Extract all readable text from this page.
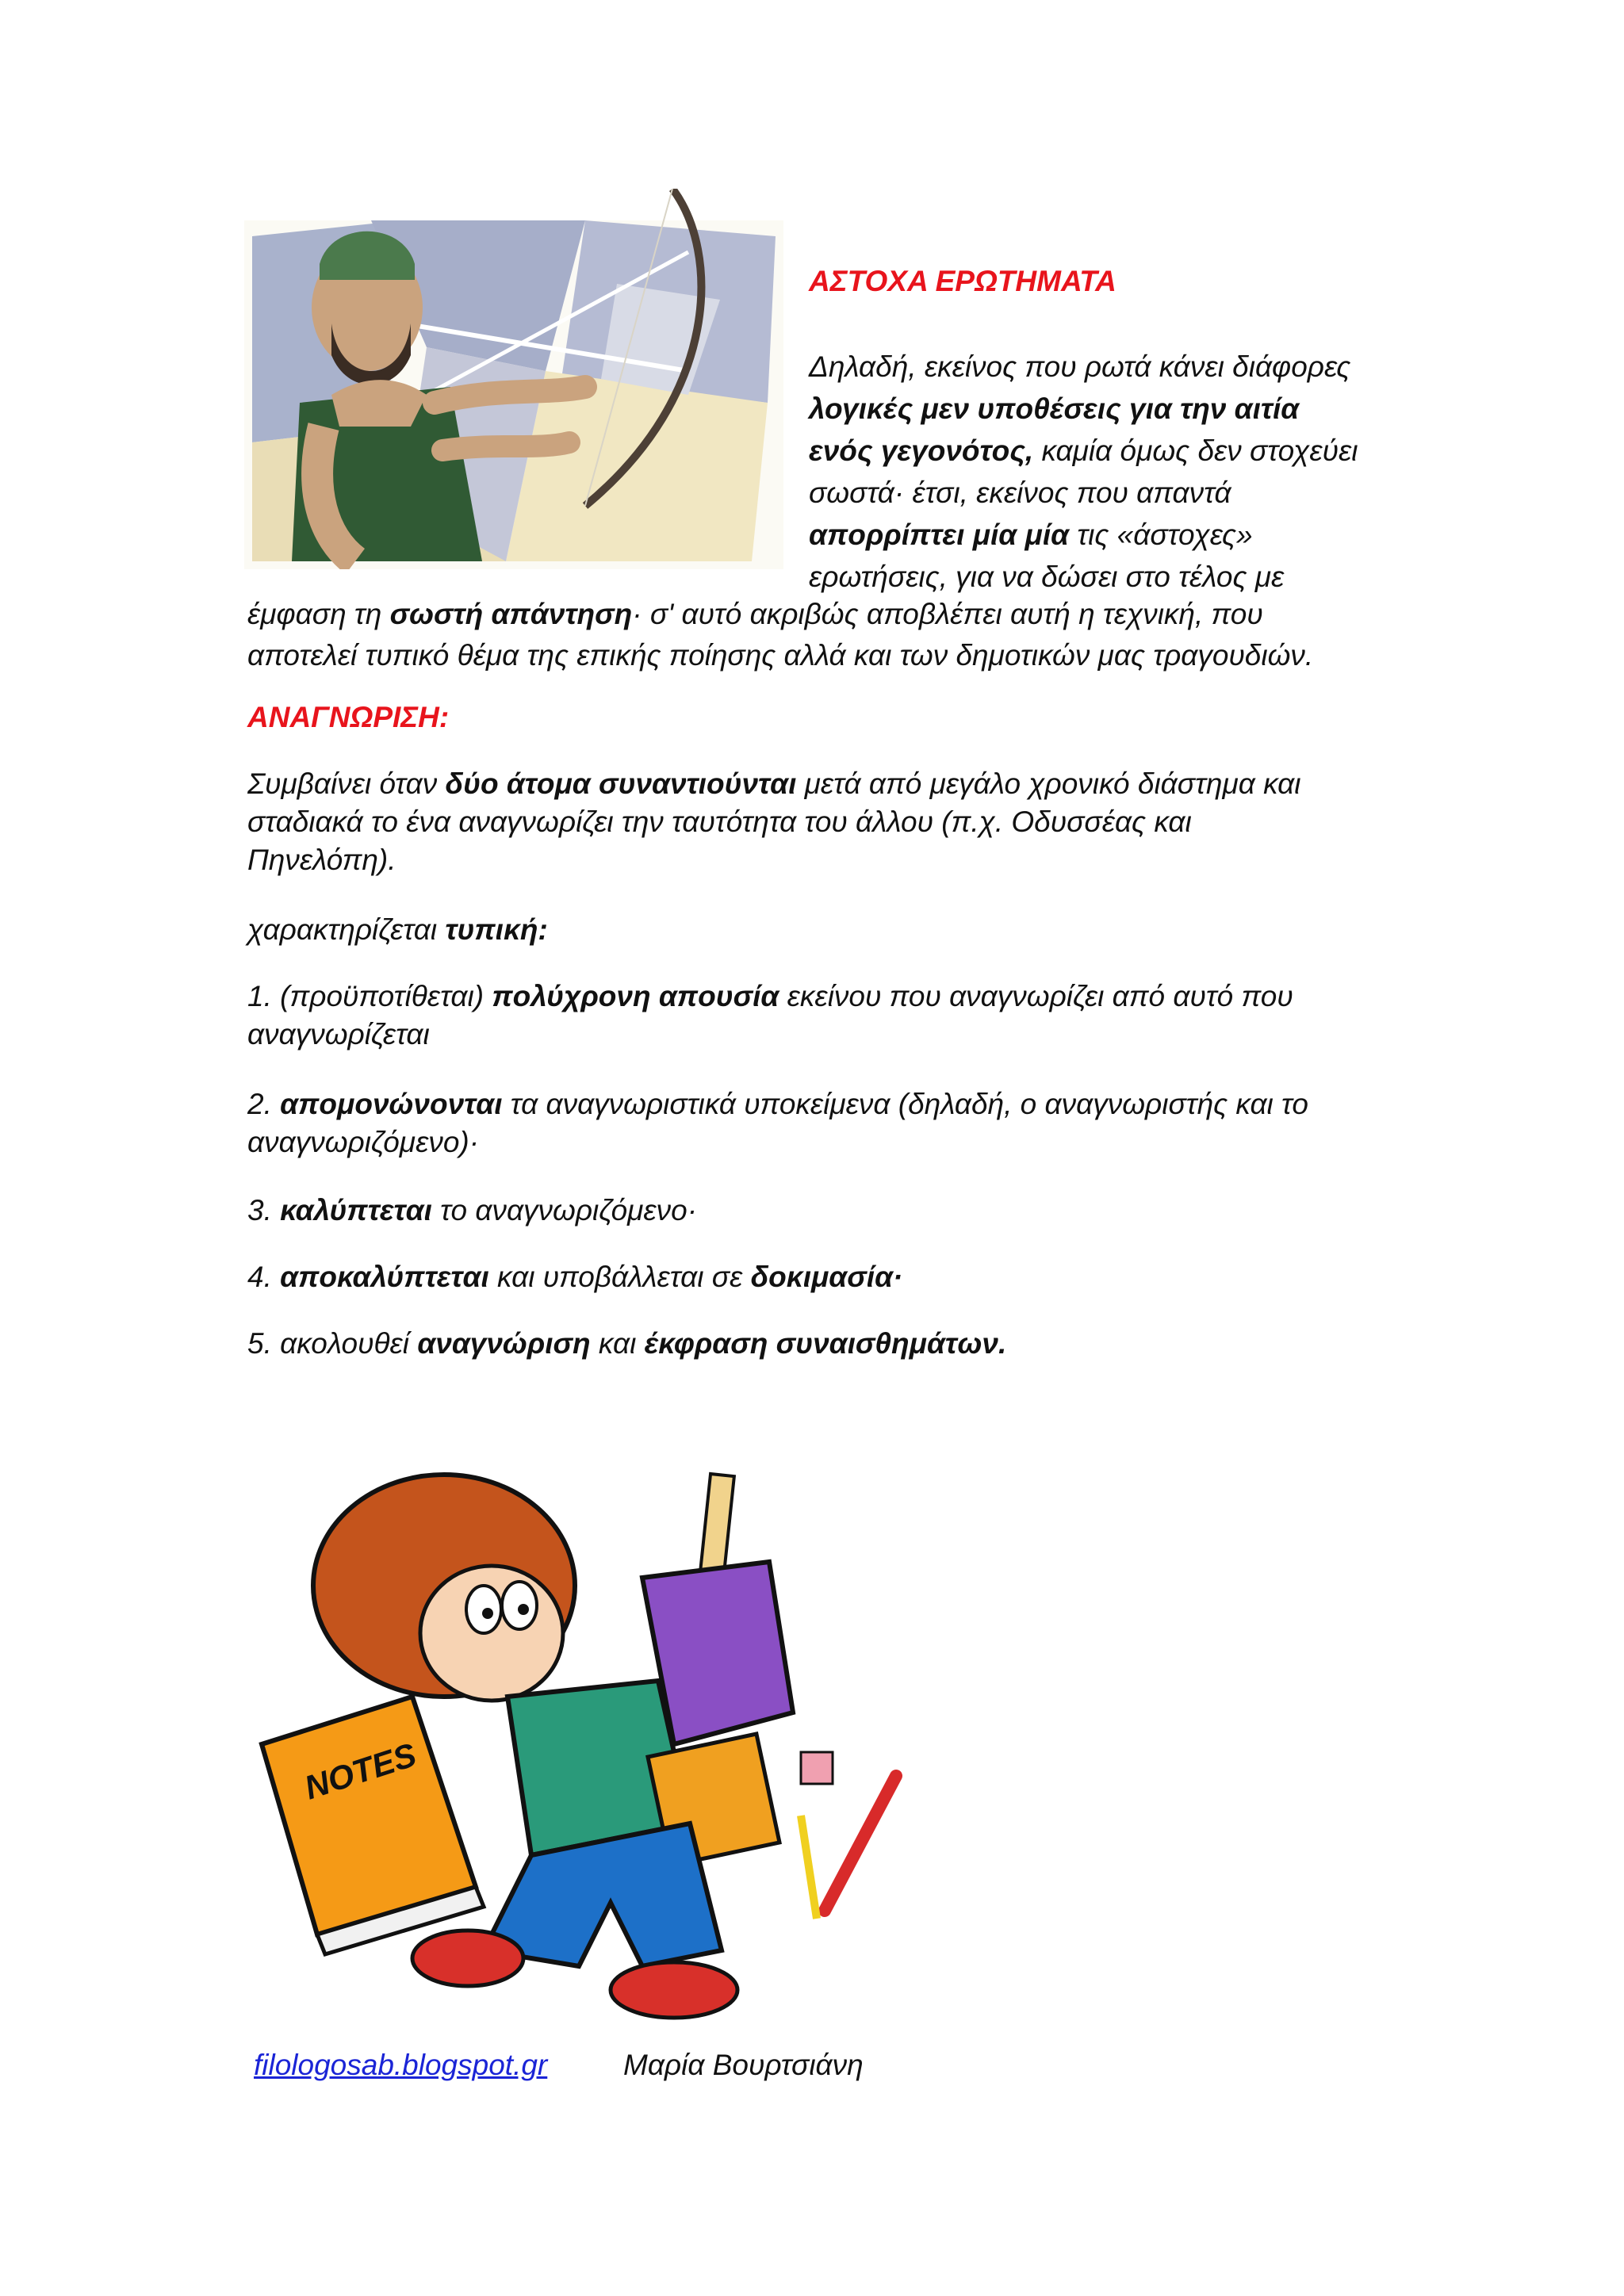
ΑΣΤΟΧΑ ΕΡΩΤΗΜΑΤΑ
Δηλαδή, εκείνος που ρωτά κάνει διάφορες
λογικές μεν υποθέσεις για την αιτία
ενός γεγονότος, καμία όμως δεν στοχεύει
σωστά· έτσι, εκείνος που απαντά
απορρίπτει μία μία τις «άστοχες»
ερωτήσεις, για να δώσει στο τέλος με
έμφαση τη σωστή απάντηση· σ' αυτό ακριβώς αποβλέπει αυτή η τεχνική, που
αποτελεί τυπικό θέμα της επικής ποίησης αλλά και των δημοτικών μας τραγουδιών.
ΑΝΑΓΝΩΡΙΣΗ:
Συμβαίνει όταν δύο άτομα συναντιούνται μετά από μεγάλο χρονικό διάστημα και
σταδιακά το ένα αναγνωρίζει την ταυτότητα του άλλου (π.χ. Οδυσσέας και
Πηνελόπη).
χαρακτηρίζεται τυπική:
1. (προϋποτίθεται) πολύχρονη απουσία εκείνου που αναγνωρίζει από αυτό που
αναγνωρίζεται
2. απομονώνονται τα αναγνωριστικά υποκείμενα (δηλαδή, ο αναγνωριστής και το
αναγνωριζόμενο)·
3. καλύπτεται το αναγνωριζόμενο·
4. αποκαλύπτεται και υποβάλλεται σε δοκιμασία·
5. ακολουθεί αναγνώριση και έκφραση συναισθημάτων.
NOTES
filologosab.blogspot.gr	Μαρία Βουρτσιάνη
